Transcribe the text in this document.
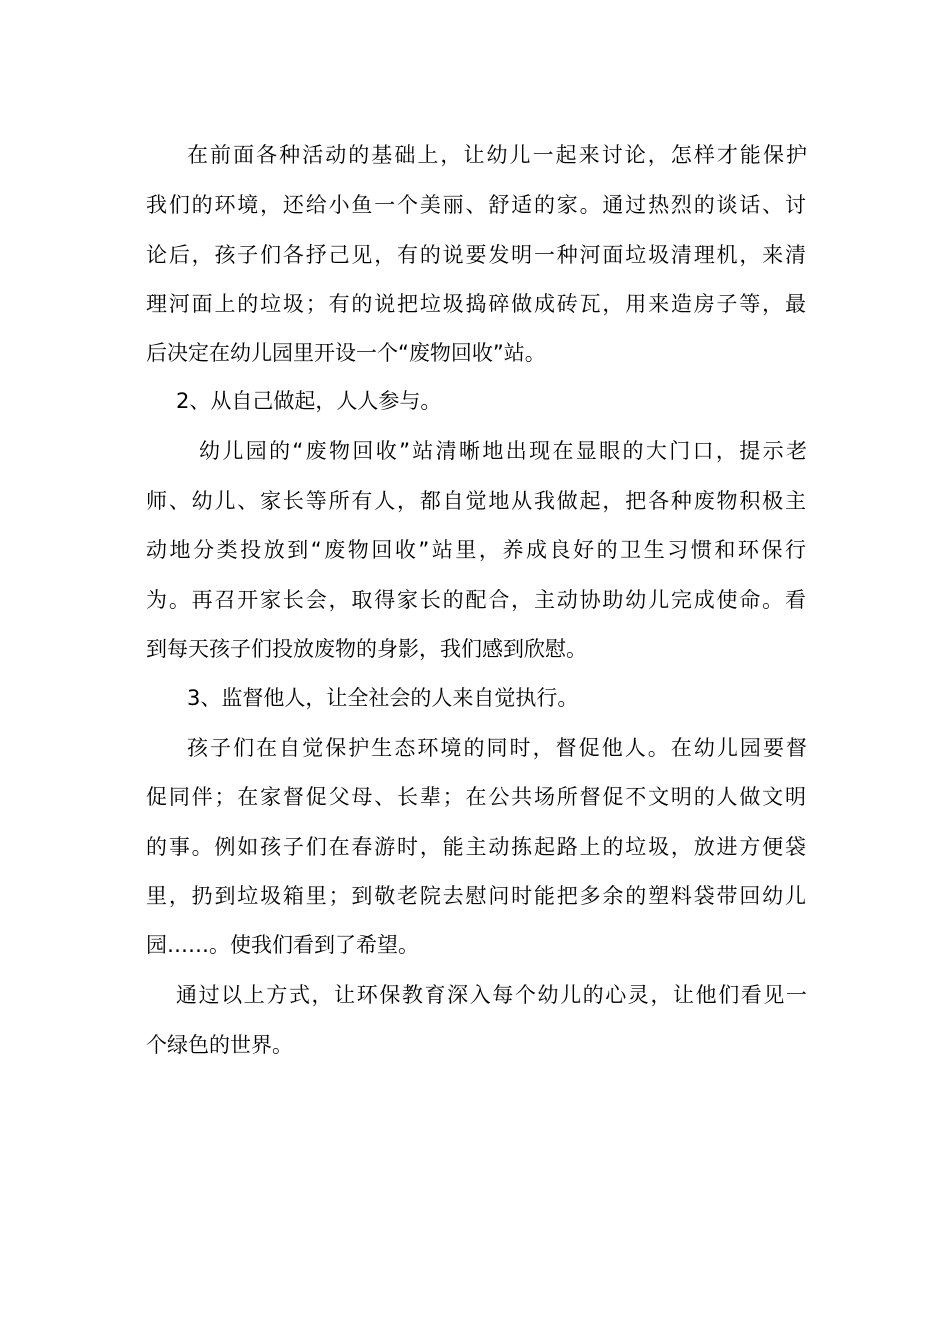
在前面各种活动的基础上，让幼儿一起来讨论，怎样才能保护
我们的环境，还给小鱼一个美丽、舒适的家。通过热烈的谈话、讨
论后，孩子们各抒己见，有的说要发明一种河面垃圾清理机，来清
理河面上的垃圾；有的说把垃圾捣碎做成砖瓦，用来造房子等，最
后决定在幼儿园里开设一个“废物回收”站。
2、从自己做起，人人参与。
幼儿园的“废物回收”站清晰地出现在显眼的大门口，提示老
师、幼儿、家长等所有人，都自觉地从我做起，把各种废物积极主
动地分类投放到“废物回收”站里，养成良好的卫生习惯和环保行
为。再召开家长会，取得家长的配合，主动协助幼儿完成使命。看
到每天孩子们投放废物的身影，我们感到欣慰。
3、监督他人，让全社会的人来自觉执行。
孩子们在自觉保护生态环境的同时，督促他人。在幼儿园要督
促同伴；在家督促父母、长辈；在公共场所督促不文明的人做文明
的事。例如孩子们在春游时，能主动拣起路上的垃圾，放进方便袋
里，扔到垃圾箱里；到敬老院去慰问时能把多余的塑料袋带回幼儿
园……。使我们看到了希望。
通过以上方式，让环保教育深入每个幼儿的心灵，让他们看见一
个绿色的世界。
